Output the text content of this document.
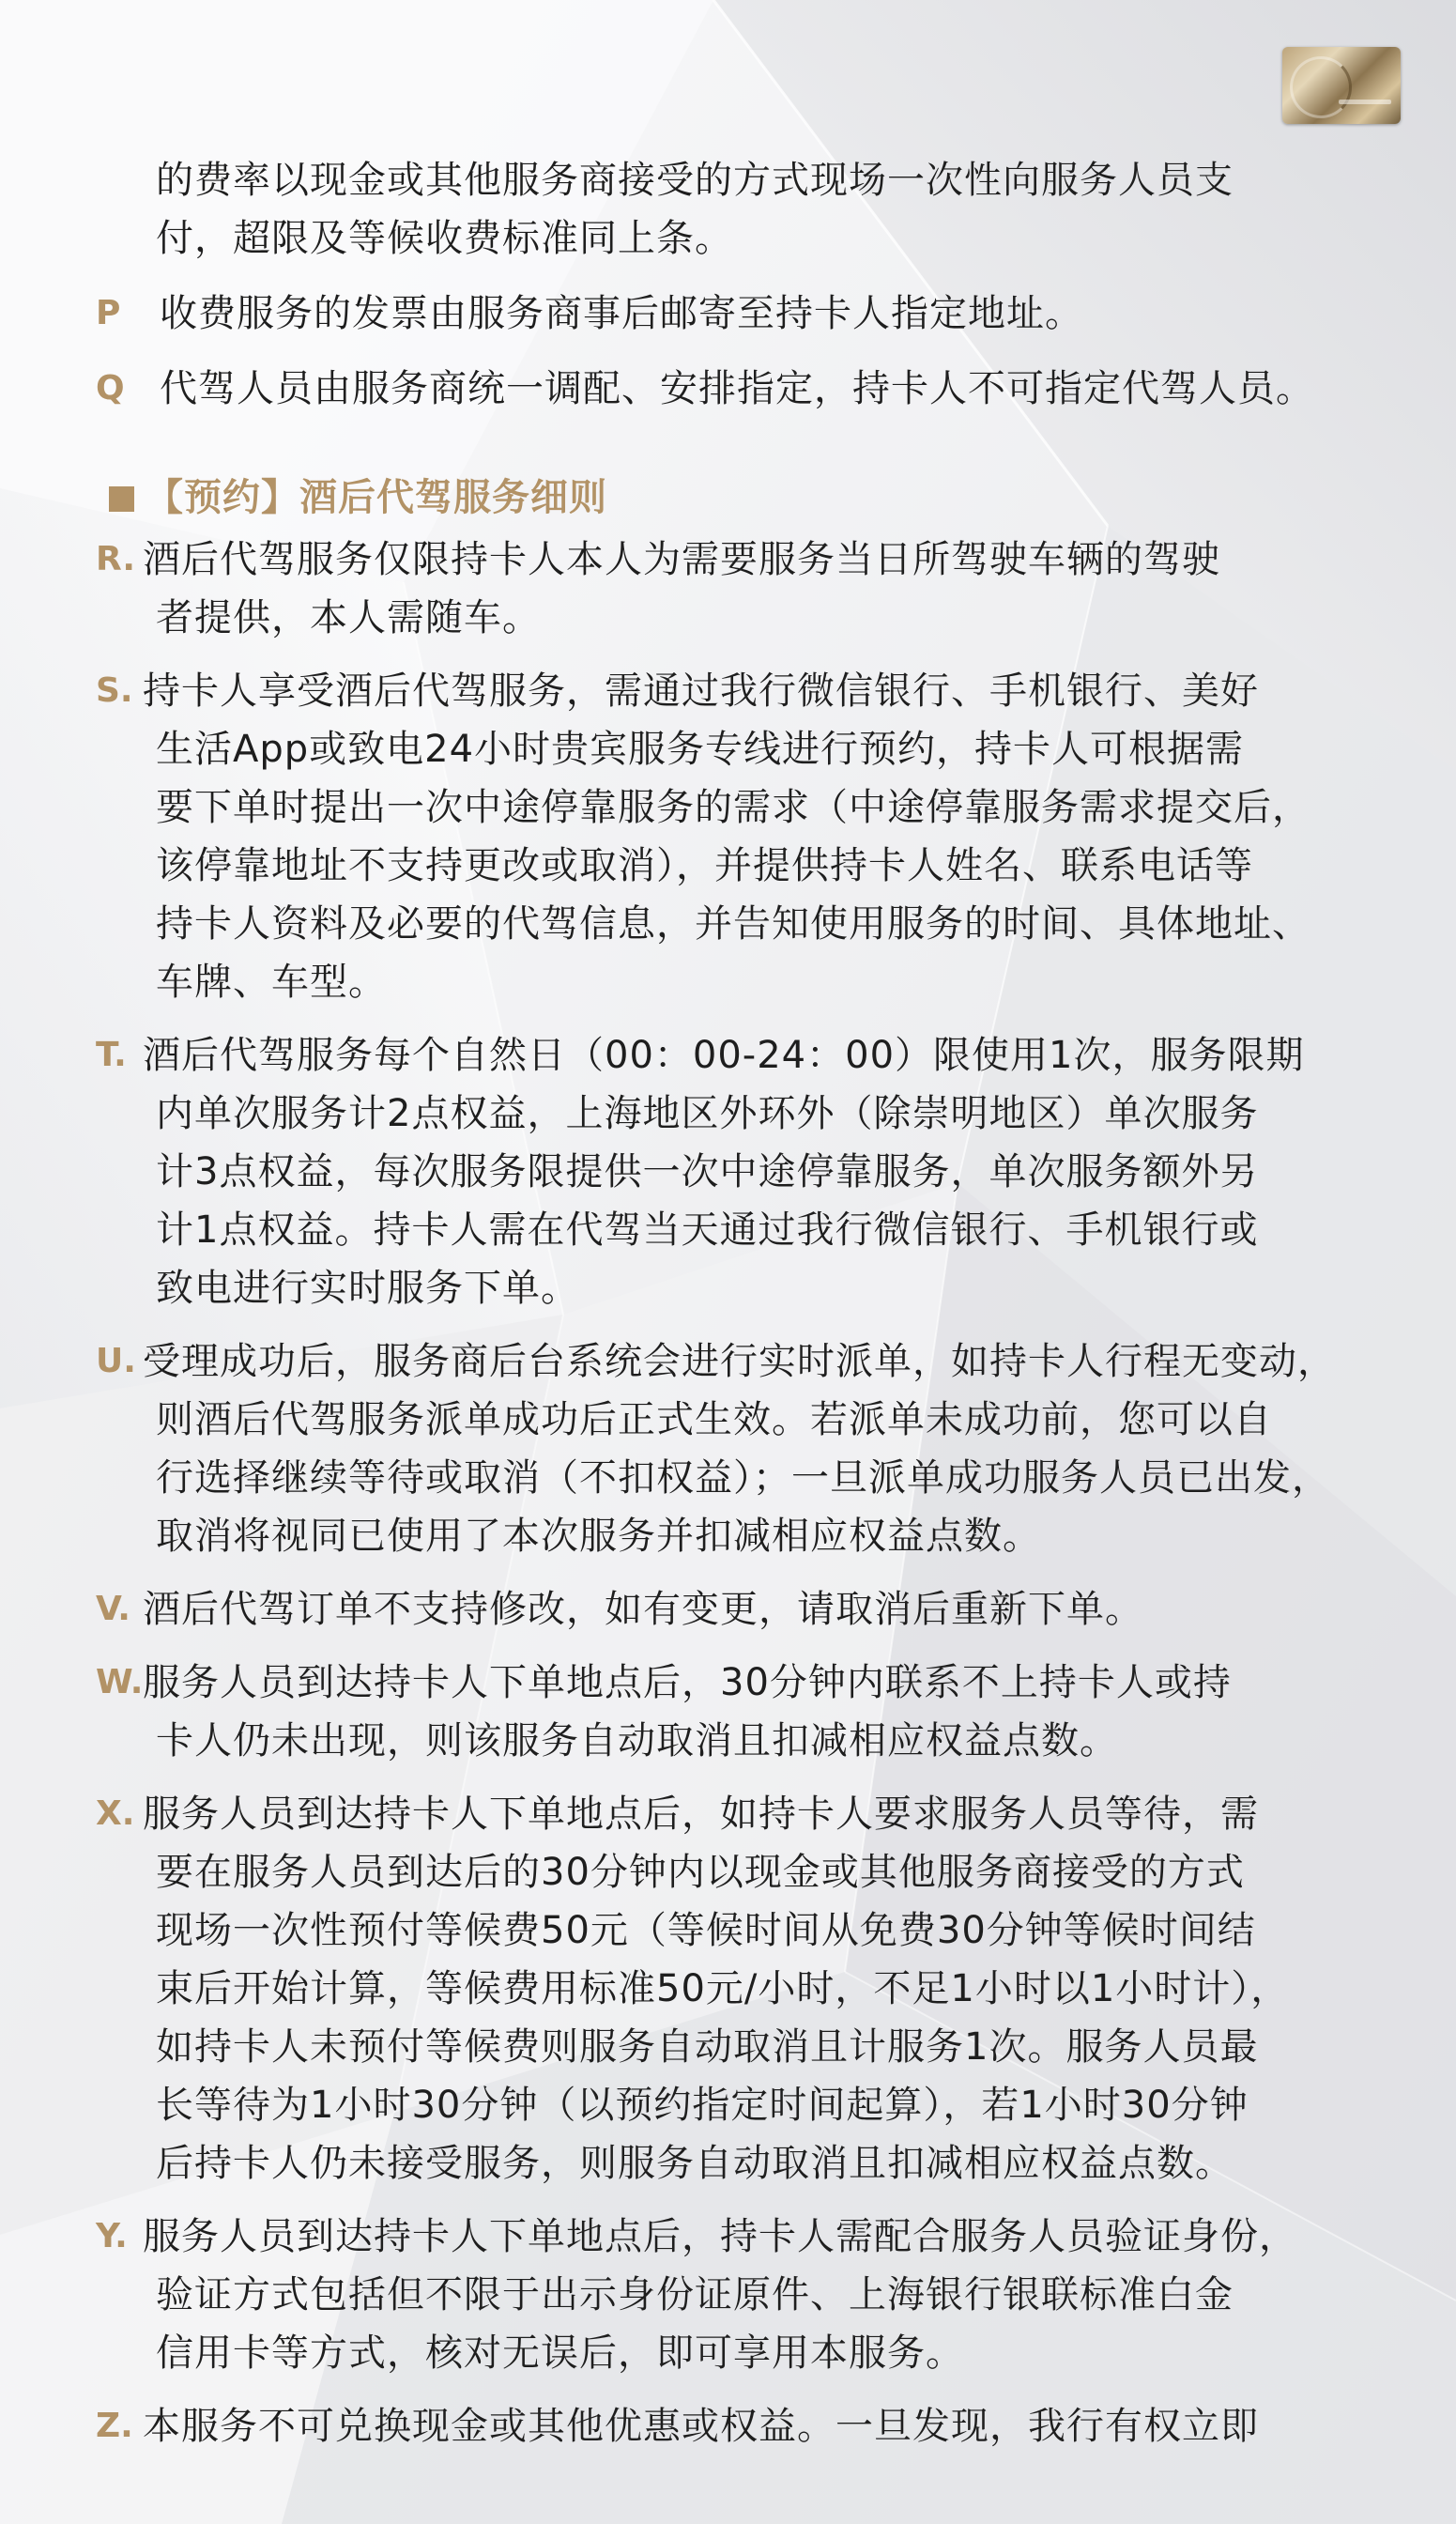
的费率以现金或其他服务商接受的方式现场一次性向服务人员支
付，超限及等候收费标准同上条。
P 收费服务的发票由服务商事后邮寄至持卡人指定地址。
Q 代驾人员由服务商统一调配、安排指定，持卡人不可指定代驾人员。
【预约】酒后代驾服务细则
R. 酒后代驾服务仅限持卡人本人为需要服务当日所驾驶车辆的驾驶
者提供，本人需随车。
S. 持卡人享受酒后代驾服务，需通过我行微信银行、手机银行、美好
生活App或致电24小时贵宾服务专线进行预约，持卡人可根据需
要下单时提出一次中途停靠服务的需求（中途停靠服务需求提交后，
该停靠地址不支持更改或取消），并提供持卡人姓名、联系电话等
持卡人资料及必要的代驾信息，并告知使用服务的时间、具体地址、
车牌、车型。
T. 酒后代驾服务每个自然日（00：00-24：00）限使用1次，服务限期
内单次服务计2点权益，上海地区外环外（除崇明地区）单次服务
计3点权益，每次服务限提供一次中途停靠服务，单次服务额外另
计1点权益。持卡人需在代驾当天通过我行微信银行、手机银行或
致电进行实时服务下单。
U. 受理成功后，服务商后台系统会进行实时派单，如持卡人行程无变动，
则酒后代驾服务派单成功后正式生效。若派单未成功前，您可以自
行选择继续等待或取消（不扣权益）；一旦派单成功服务人员已出发，
取消将视同已使用了本次服务并扣减相应权益点数。
V. 酒后代驾订单不支持修改，如有变更，请取消后重新下单。
W. 服务人员到达持卡人下单地点后，30分钟内联系不上持卡人或持
卡人仍未出现，则该服务自动取消且扣减相应权益点数。
X. 服务人员到达持卡人下单地点后，如持卡人要求服务人员等待，需
要在服务人员到达后的30分钟内以现金或其他服务商接受的方式
现场一次性预付等候费50元（等候时间从免费30分钟等候时间结
束后开始计算，等候费用标准50元/小时，不足1小时以1小时计），
如持卡人未预付等候费则服务自动取消且计服务1次。服务人员最
长等待为1小时30分钟（以预约指定时间起算），若1小时30分钟
后持卡人仍未接受服务，则服务自动取消且扣减相应权益点数。
Y. 服务人员到达持卡人下单地点后，持卡人需配合服务人员验证身份，
验证方式包括但不限于出示身份证原件、上海银行银联标准白金
信用卡等方式，核对无误后，即可享用本服务。
Z. 本服务不可兑换现金或其他优惠或权益。一旦发现，我行有权立即
